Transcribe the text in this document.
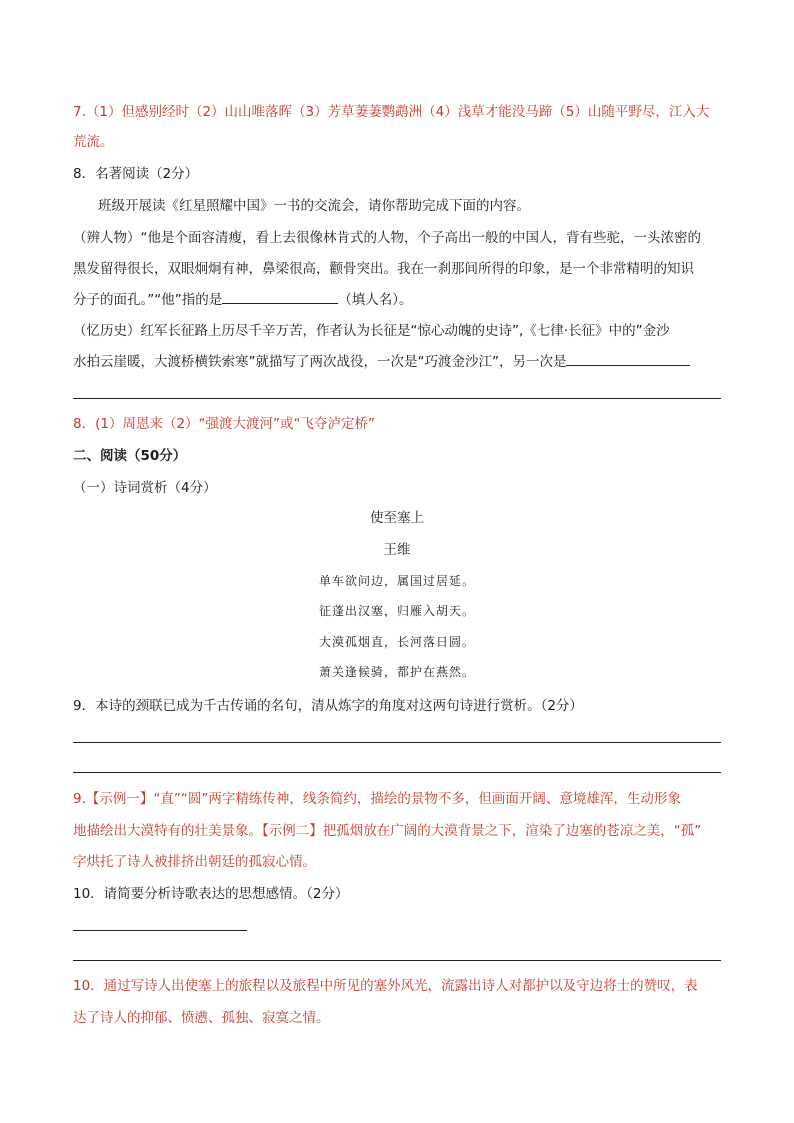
7.（1）但感别经时（2）山山唯落晖（3）芳草萋萋鹦鹉洲（4）浅草才能没马蹄（5）山随平野尽，江入大
荒流。
8．名著阅读（2分）
班级开展读《红星照耀中国》一书的交流会，请你帮助完成下面的内容。
（辨人物）“他是个面容清瘦，看上去很像林肯式的人物，个子高出一般的中国人，背有些驼，一头浓密的
黑发留得很长，双眼炯炯有神，鼻梁很高，颧骨突出。我在一刹那间所得的印象，是一个非常精明的知识
分子的面孔。”“他”指的是	（填人名）。
（忆历史）红军长征路上历尽千辛万苦，作者认为长征是“惊心动魄的史诗”,《七律·长征》中的”金沙
水拍云崖暖，大渡桥横铁索寒”就描写了两次战役，一次是“巧渡金沙江”，另一次是
8．(1）周恩来（2）“强渡大渡河”或“飞夺泸定桥”
二、阅读（50分）
（一）诗词赏析（4分）
使至塞上
王维
单车欲问边，属国过居延。
征蓬出汉塞，归雁入胡天。
大漠孤烟直，长河落日圆。
萧关逢候骑，都护在燕然。
9．本诗的颈联已成为千古传诵的名句，清从炼字的角度对这两句诗进行赏析。（2分）
9.【示例一】“直”“圆”两字精练传神，线条简约，描绘的景物不多，但画面开阔、意境雄浑，生动形象
地描绘出大漠特有的壮美景象。【示例二】把孤烟放在广阔的大漠背景之下，渲染了边塞的苍凉之美，“孤”
字烘托了诗人被排挤出朝廷的孤寂心情。
10．请简要分析诗歌表达的思想感情。（2分）
10．通过写诗人出使塞上的旅程以及旅程中所见的塞外风光，流露出诗人对都护以及守边将士的赞叹，表
达了诗人的抑郁、愤懑、孤独、寂寞之情。
